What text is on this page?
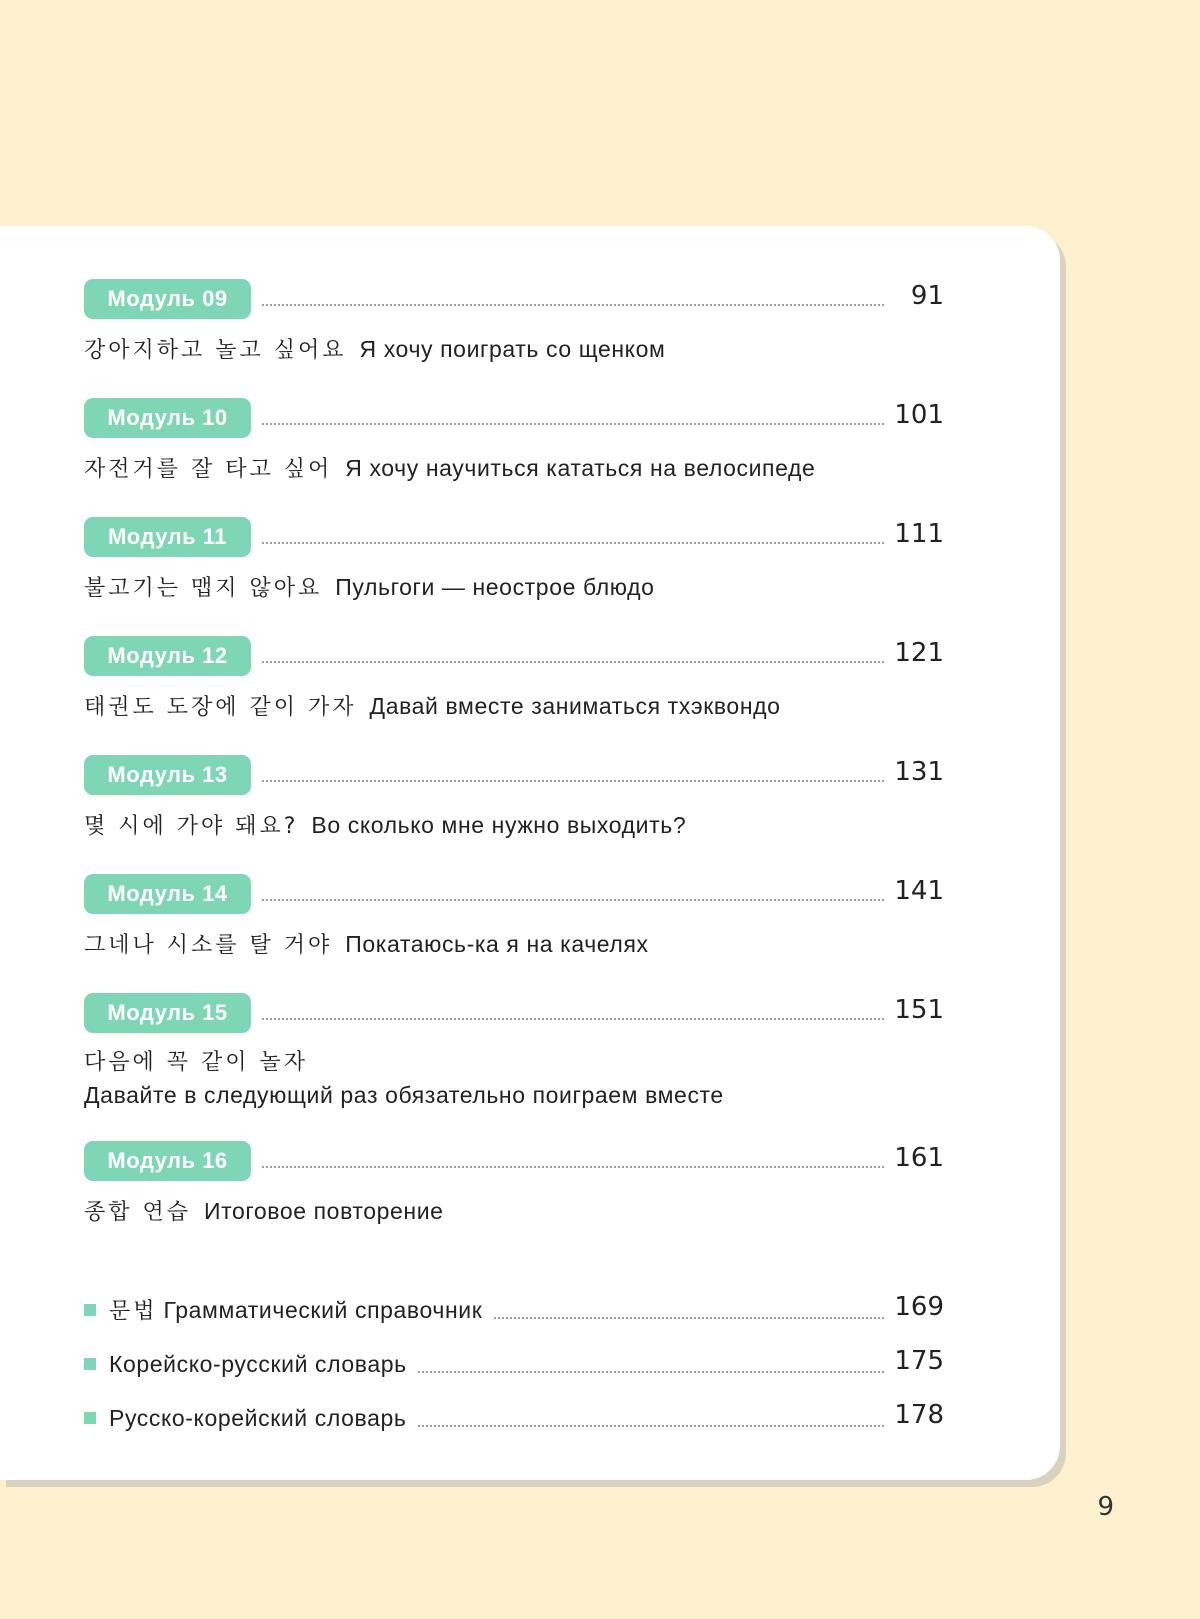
Модуль 09	91
강아지하고 놀고 싶어요 Я хочу поиграть со щенком
Модуль 10	101
자전거를 잘 타고 싶어 Я хочу научиться кататься на велосипеде
Модуль 11	111
불고기는 맵지 않아요 Пульгоги — неострое блюдо
Модуль 12	121
태권도 도장에 같이 가자 Давай вместе заниматься тхэквондо
Модуль 13	131
몇 시에 가야 돼요? Во сколько мне нужно выходить?
Модуль 14	141
그네나 시소를 탈 거야 Покатаюсь-ка я на качелях
Модуль 15	151
다음에 꼭 같이 놀자
Давайте в следующий раз обязательно поиграем вместе
Модуль 16	161
종합 연습 Итоговое повторение
문법 Грамматический справочник	169
Корейско-русский словарь	175
Русско-корейский словарь	178
9
